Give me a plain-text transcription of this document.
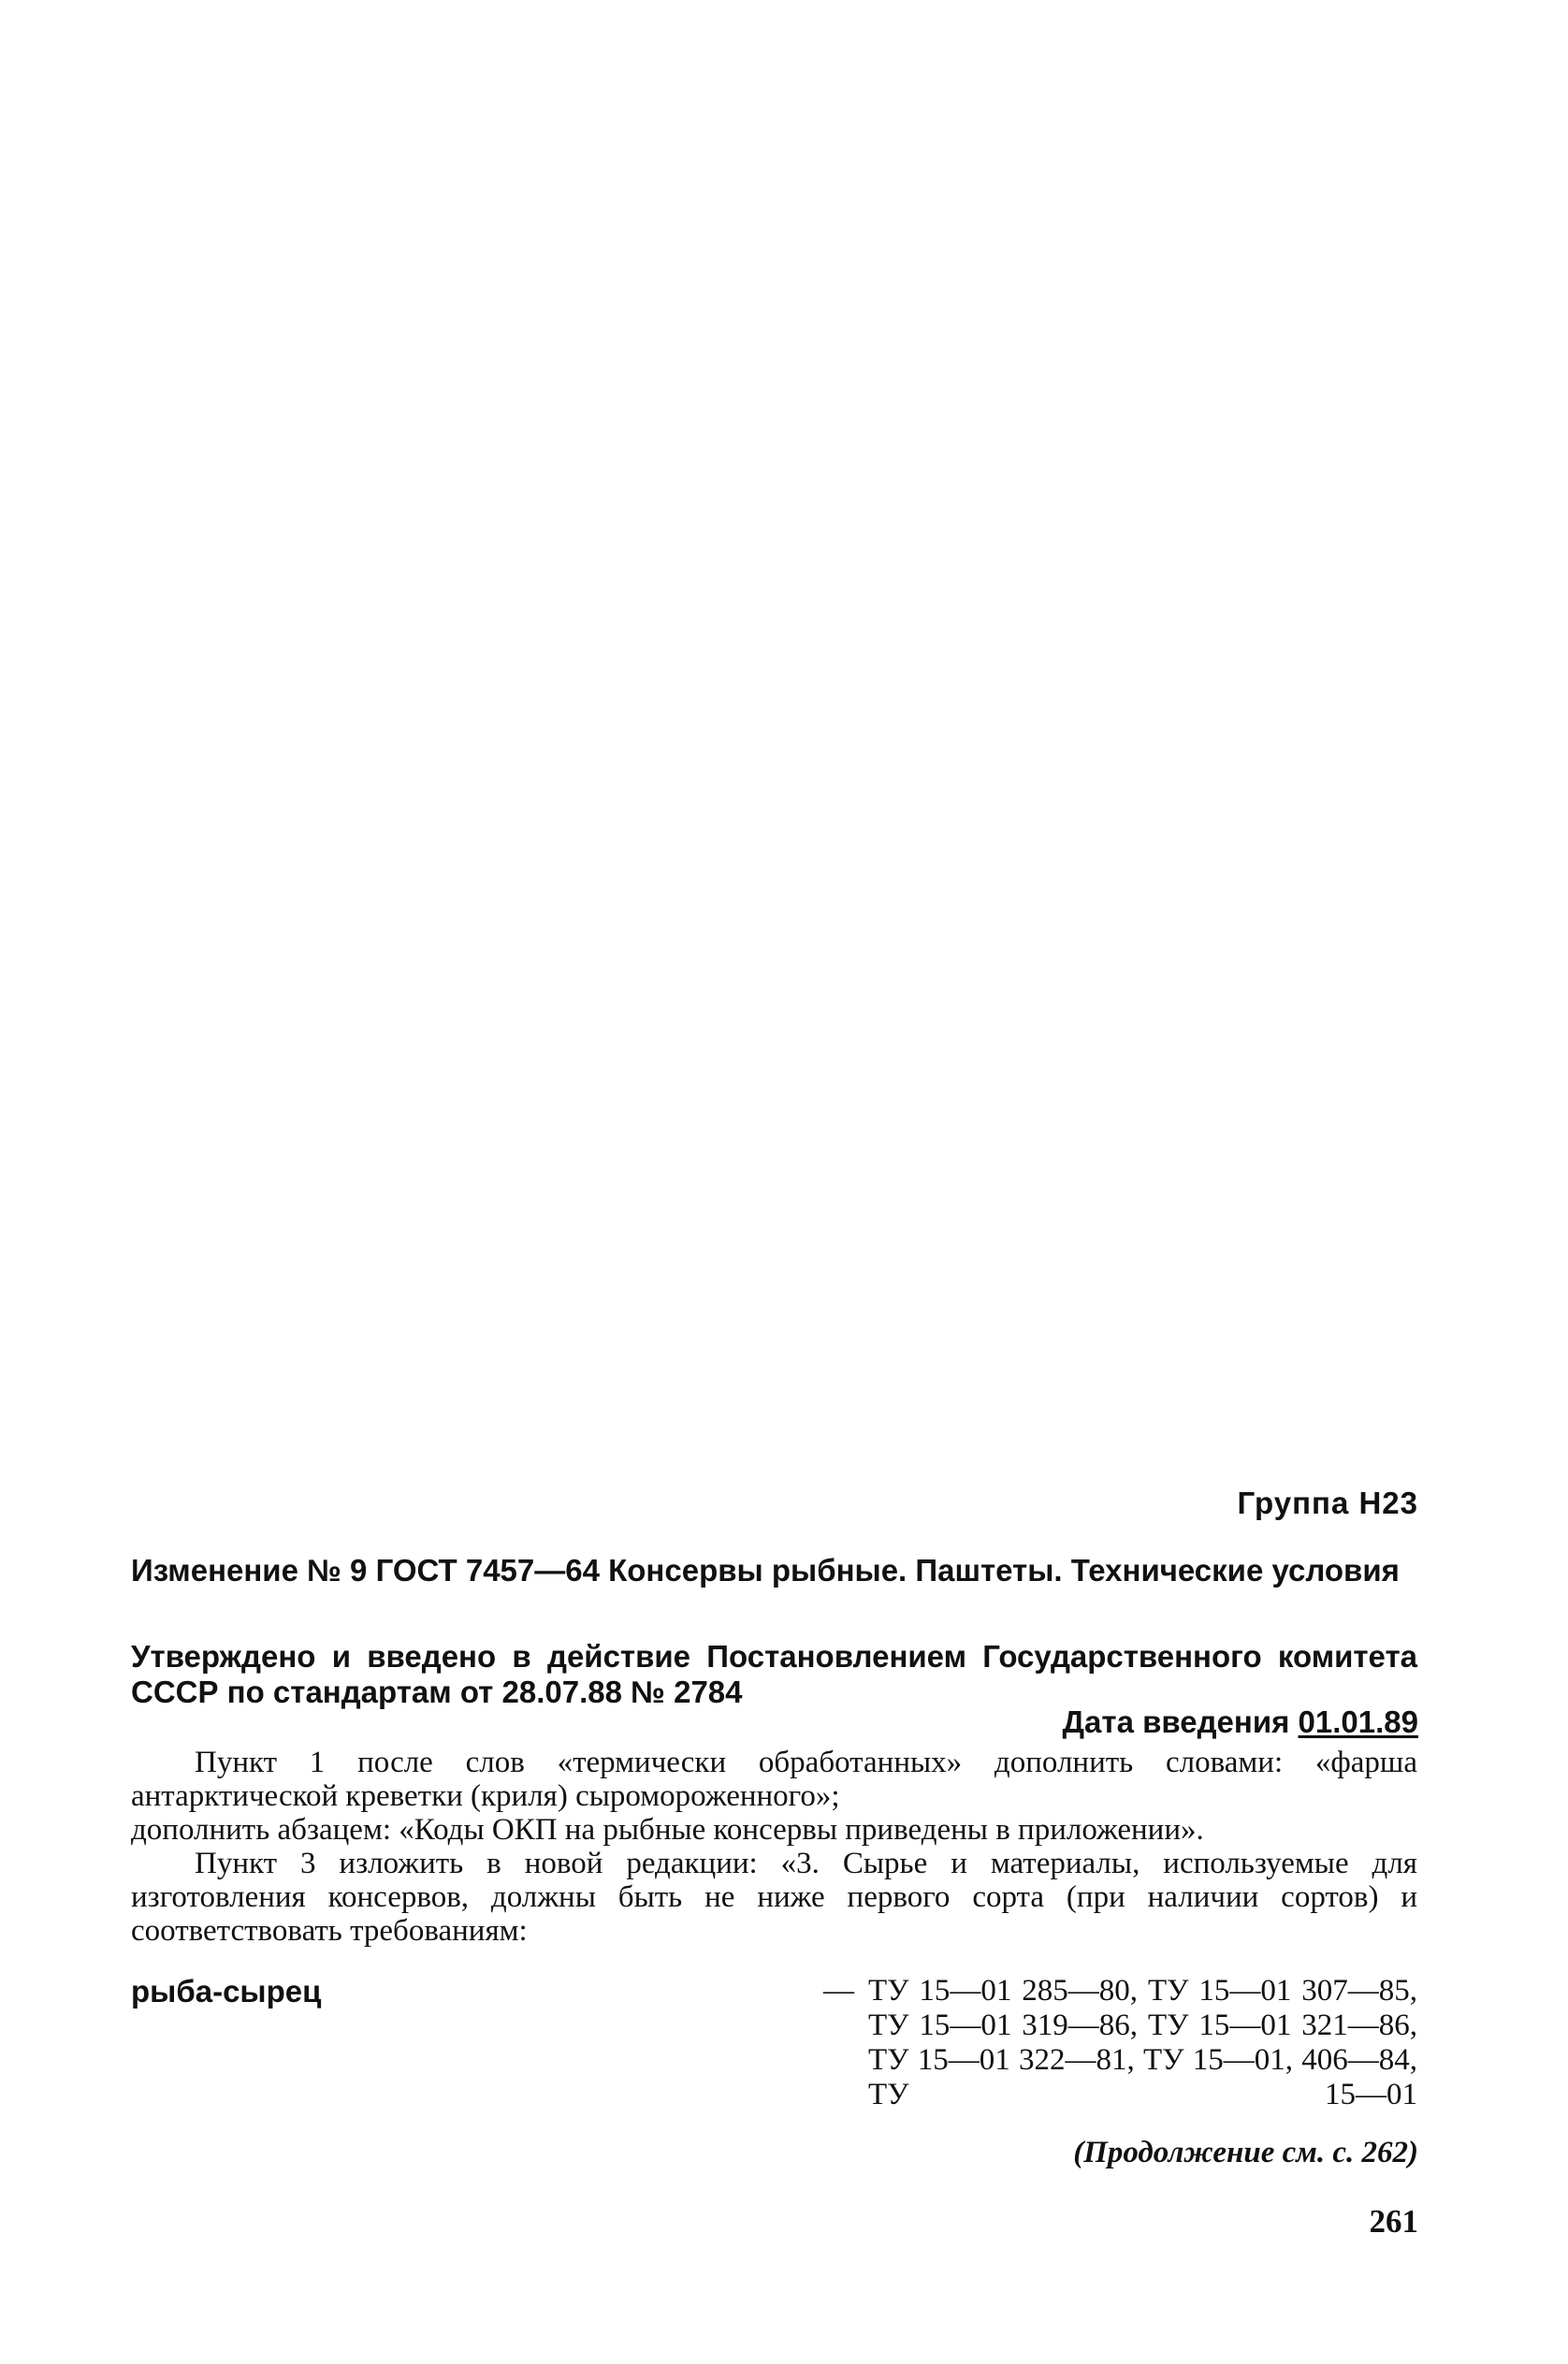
Группа Н23
Изменение № 9 ГОСТ 7457—64 Консервы рыбные. Паштеты. Технические условия
Утверждено и введено в действие Постановлением Государственного комитета СССР по стандартам от 28.07.88 № 2784
Дата введения 01.01.89

Пункт 1 после слов «термически обработанных» дополнить словами: «фарша антарктической креветки (криля) сыромороженного»;

дополнить абзацем: «Коды ОКП на рыбные консервы приведены в приложении».

Пункт 3 изложить в новой редакции: «3. Сырье и материалы, используемые для изготовления консервов, должны быть не ниже первого сорта (при наличии сортов) и соответствовать требованиям:

рыба-сырец	— ТУ 15—01 285—80, ТУ 15—01 307—85, ТУ 15—01 319—86, ТУ 15—01 321—86, ТУ 15—01 322—81, ТУ 15—01, 406—84, ТУ 15—01
(Продолжение см. с. 262)
261
